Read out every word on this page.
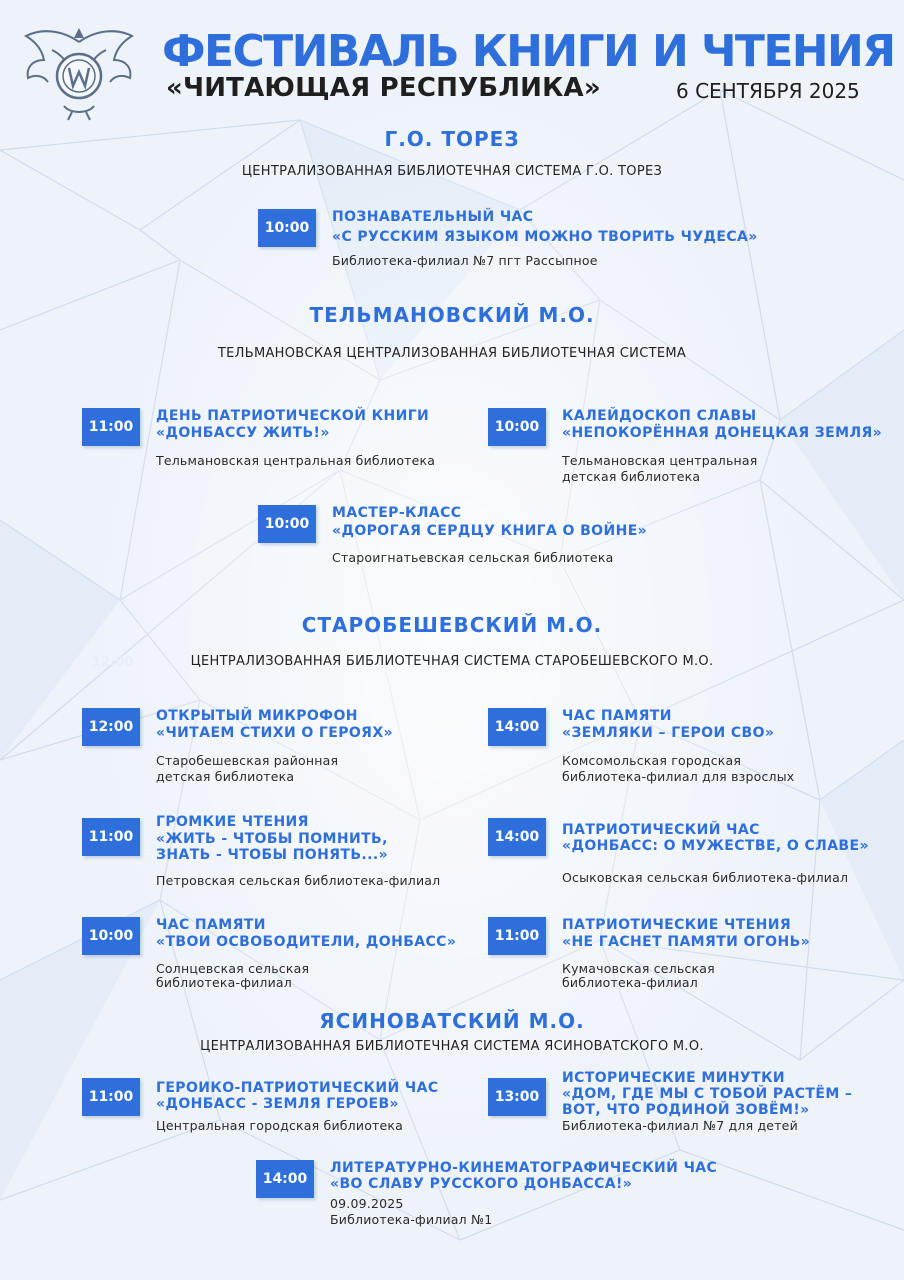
ФЕСТИВАЛЬ КНИГИ И ЧТЕНИЯ
«ЧИТАЮЩАЯ РЕСПУБЛИКА»	6 СЕНТЯБРЯ 2025
Г.О. ТОРЕЗ
ЦЕНТРАЛИЗОВАННАЯ БИБЛИОТЕЧНАЯ СИСТЕМА Г.О. ТОРЕЗ
10:00
ПОЗНАВАТЕЛЬНЫЙ ЧАС
«С РУССКИМ ЯЗЫКОМ МОЖНО ТВОРИТЬ ЧУДЕСА»
Библиотека-филиал №7 пгт Рассыпное
ТЕЛЬМАНОВСКИЙ М.О.
ТЕЛЬМАНОВСКАЯ ЦЕНТРАЛИЗОВАННАЯ БИБЛИОТЕЧНАЯ СИСТЕМА
11:00
ДЕНЬ ПАТРИОТИЧЕСКОЙ КНИГИ
«ДОНБАССУ ЖИТЬ!»
Тельмановская центральная библиотека
10:00
КАЛЕЙДОСКОП СЛАВЫ
«НЕПОКОРЁННАЯ ДОНЕЦКАЯ ЗЕМЛЯ»
Тельмановская центральная
детская библиотека
10:00
МАСТЕР-КЛАСС
«ДОРОГАЯ СЕРДЦУ КНИГА О ВОЙНЕ»
Староигнатьевская сельская библиотека
СТАРОБЕШЕВСКИЙ М.О.
12:00	ЦЕНТРАЛИЗОВАННАЯ БИБЛИОТЕЧНАЯ СИСТЕМА СТАРОБЕШЕВСКОГО М.О.
12:00
ОТКРЫТЫЙ МИКРОФОН
«ЧИТАЕМ СТИХИ О ГЕРОЯХ»
Старобешевская районная
детская библиотека
14:00
ЧАС ПАМЯТИ
«ЗЕМЛЯКИ – ГЕРОИ СВО»
Комсомольская городская
библиотека-филиал для взрослых
11:00
ГРОМКИЕ ЧТЕНИЯ
«ЖИТЬ - ЧТОБЫ ПОМНИТЬ,
ЗНАТЬ - ЧТОБЫ ПОНЯТЬ...»
Петровская сельская библиотека-филиал
14:00	ПАТРИОТИЧЕСКИЙ ЧАС
«ДОНБАСС: О МУЖЕСТВЕ, О СЛАВЕ»
Осыковская сельская библиотека-филиал
10:00
ЧАС ПАМЯТИ
«ТВОИ ОСВОБОДИТЕЛИ, ДОНБАСС»
Солнцевская сельская
библиотека-филиал
11:00
ПАТРИОТИЧЕСКИЕ ЧТЕНИЯ
«НЕ ГАСНЕТ ПАМЯТИ ОГОНЬ»
Кумачовская сельская
библиотека-филиал
ЯСИНОВАТСКИЙ М.О.
ЦЕНТРАЛИЗОВАННАЯ БИБЛИОТЕЧНАЯ СИСТЕМА ЯСИНОВАТСКОГО М.О.
11:00
ГЕРОИКО-ПАТРИОТИЧЕСКИЙ ЧАС
«ДОНБАСС - ЗЕМЛЯ ГЕРОЕВ»
Центральная городская библиотека
13:00
ИСТОРИЧЕСКИЕ МИНУТКИ
«ДОМ, ГДЕ МЫ С ТОБОЙ РАСТЁМ –
ВОТ, ЧТО РОДИНОЙ ЗОВЁМ!»
Библиотека-филиал №7 для детей
14:00
ЛИТЕРАТУРНО-КИНЕМАТОГРАФИЧЕСКИЙ ЧАС
«ВО СЛАВУ РУССКОГО ДОНБАССА!»
09.09.2025
Библиотека-филиал №1
